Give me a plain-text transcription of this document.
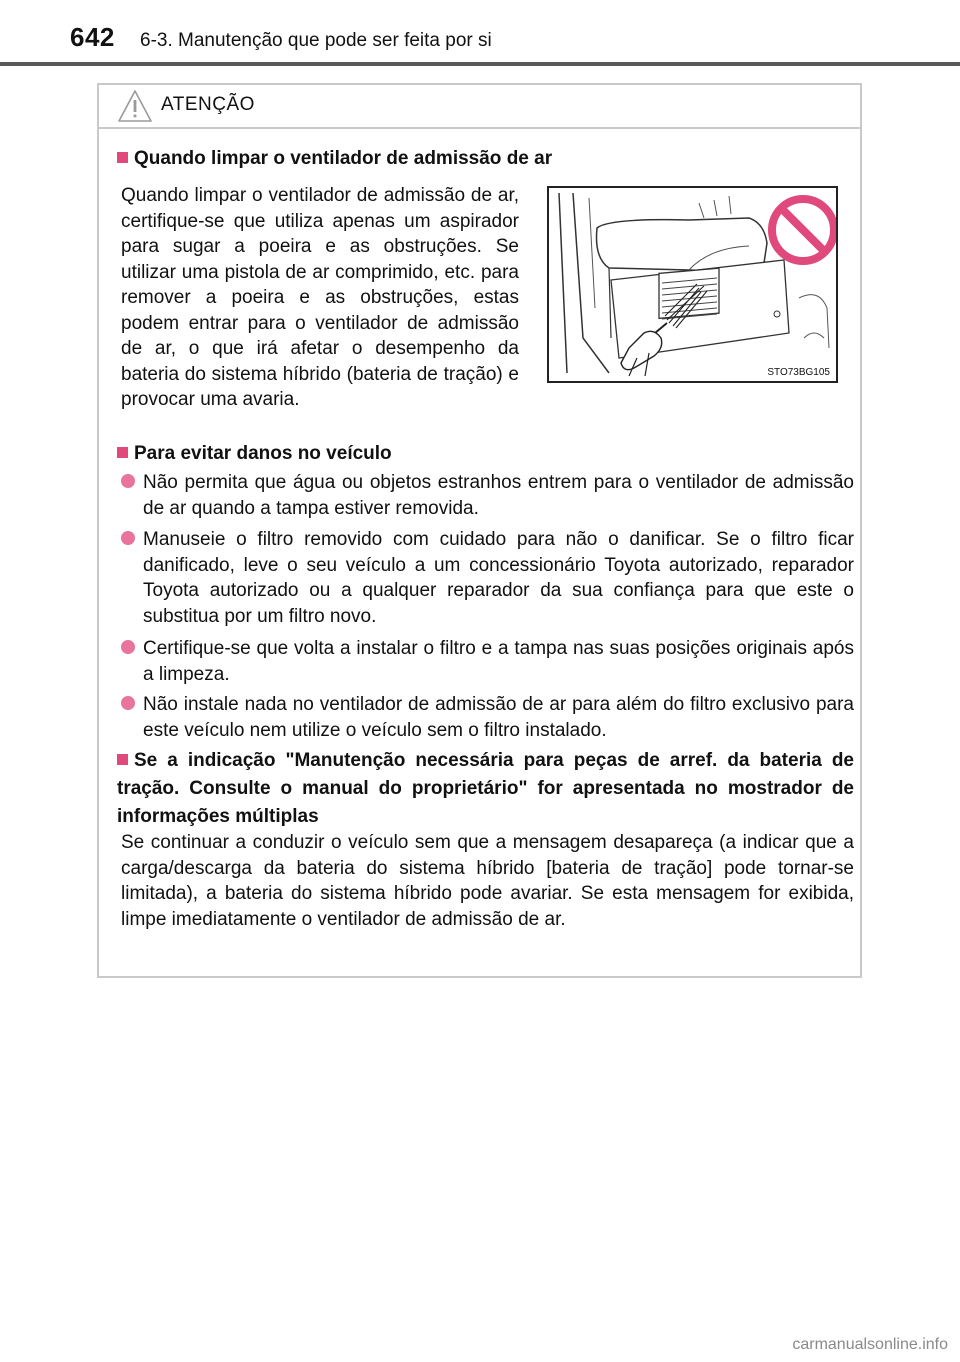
642 6-3. Manutenção que pode ser feita por si
ATENÇÃO
Quando limpar o ventilador de admissão de ar
Quando limpar o ventilador de admissão de ar, certifique-se que utiliza apenas um aspirador para sugar a poeira e as obstruções. Se utilizar uma pistola de ar comprimido, etc. para remover a poeira e as obstruções, estas podem entrar para o ventilador de admissão de ar, o que irá afetar o desempenho da bateria do sistema híbrido (bateria de tração) e provocar uma avaria.
STO73BG105
Para evitar danos no veículo
Não permita que água ou objetos estranhos entrem para o ventilador de admissão de ar quando a tampa estiver removida.
Manuseie o filtro removido com cuidado para não o danificar. Se o filtro ficar danificado, leve o seu veículo a um concessionário Toyota autorizado, reparador Toyota autorizado ou a qualquer reparador da sua confiança para que este o substitua por um filtro novo.
Certifique-se que volta a instalar o filtro e a tampa nas suas posições originais após a limpeza.
Não instale nada no ventilador de admissão de ar para além do filtro exclusivo para este veículo nem utilize o veículo sem o filtro instalado.
Se a indicação "Manutenção necessária para peças de arref. da bateria de tração. Consulte o manual do proprietário" for apresentada no mostrador de informações múltiplas
Se continuar a conduzir o veículo sem que a mensagem desapareça (a indicar que a carga/descarga da bateria do sistema híbrido [bateria de tração] pode tornar-se limitada), a bateria do sistema híbrido pode avariar. Se esta mensagem for exibida, limpe imediatamente o ventilador de admissão de ar.
carmanualsonline.info
